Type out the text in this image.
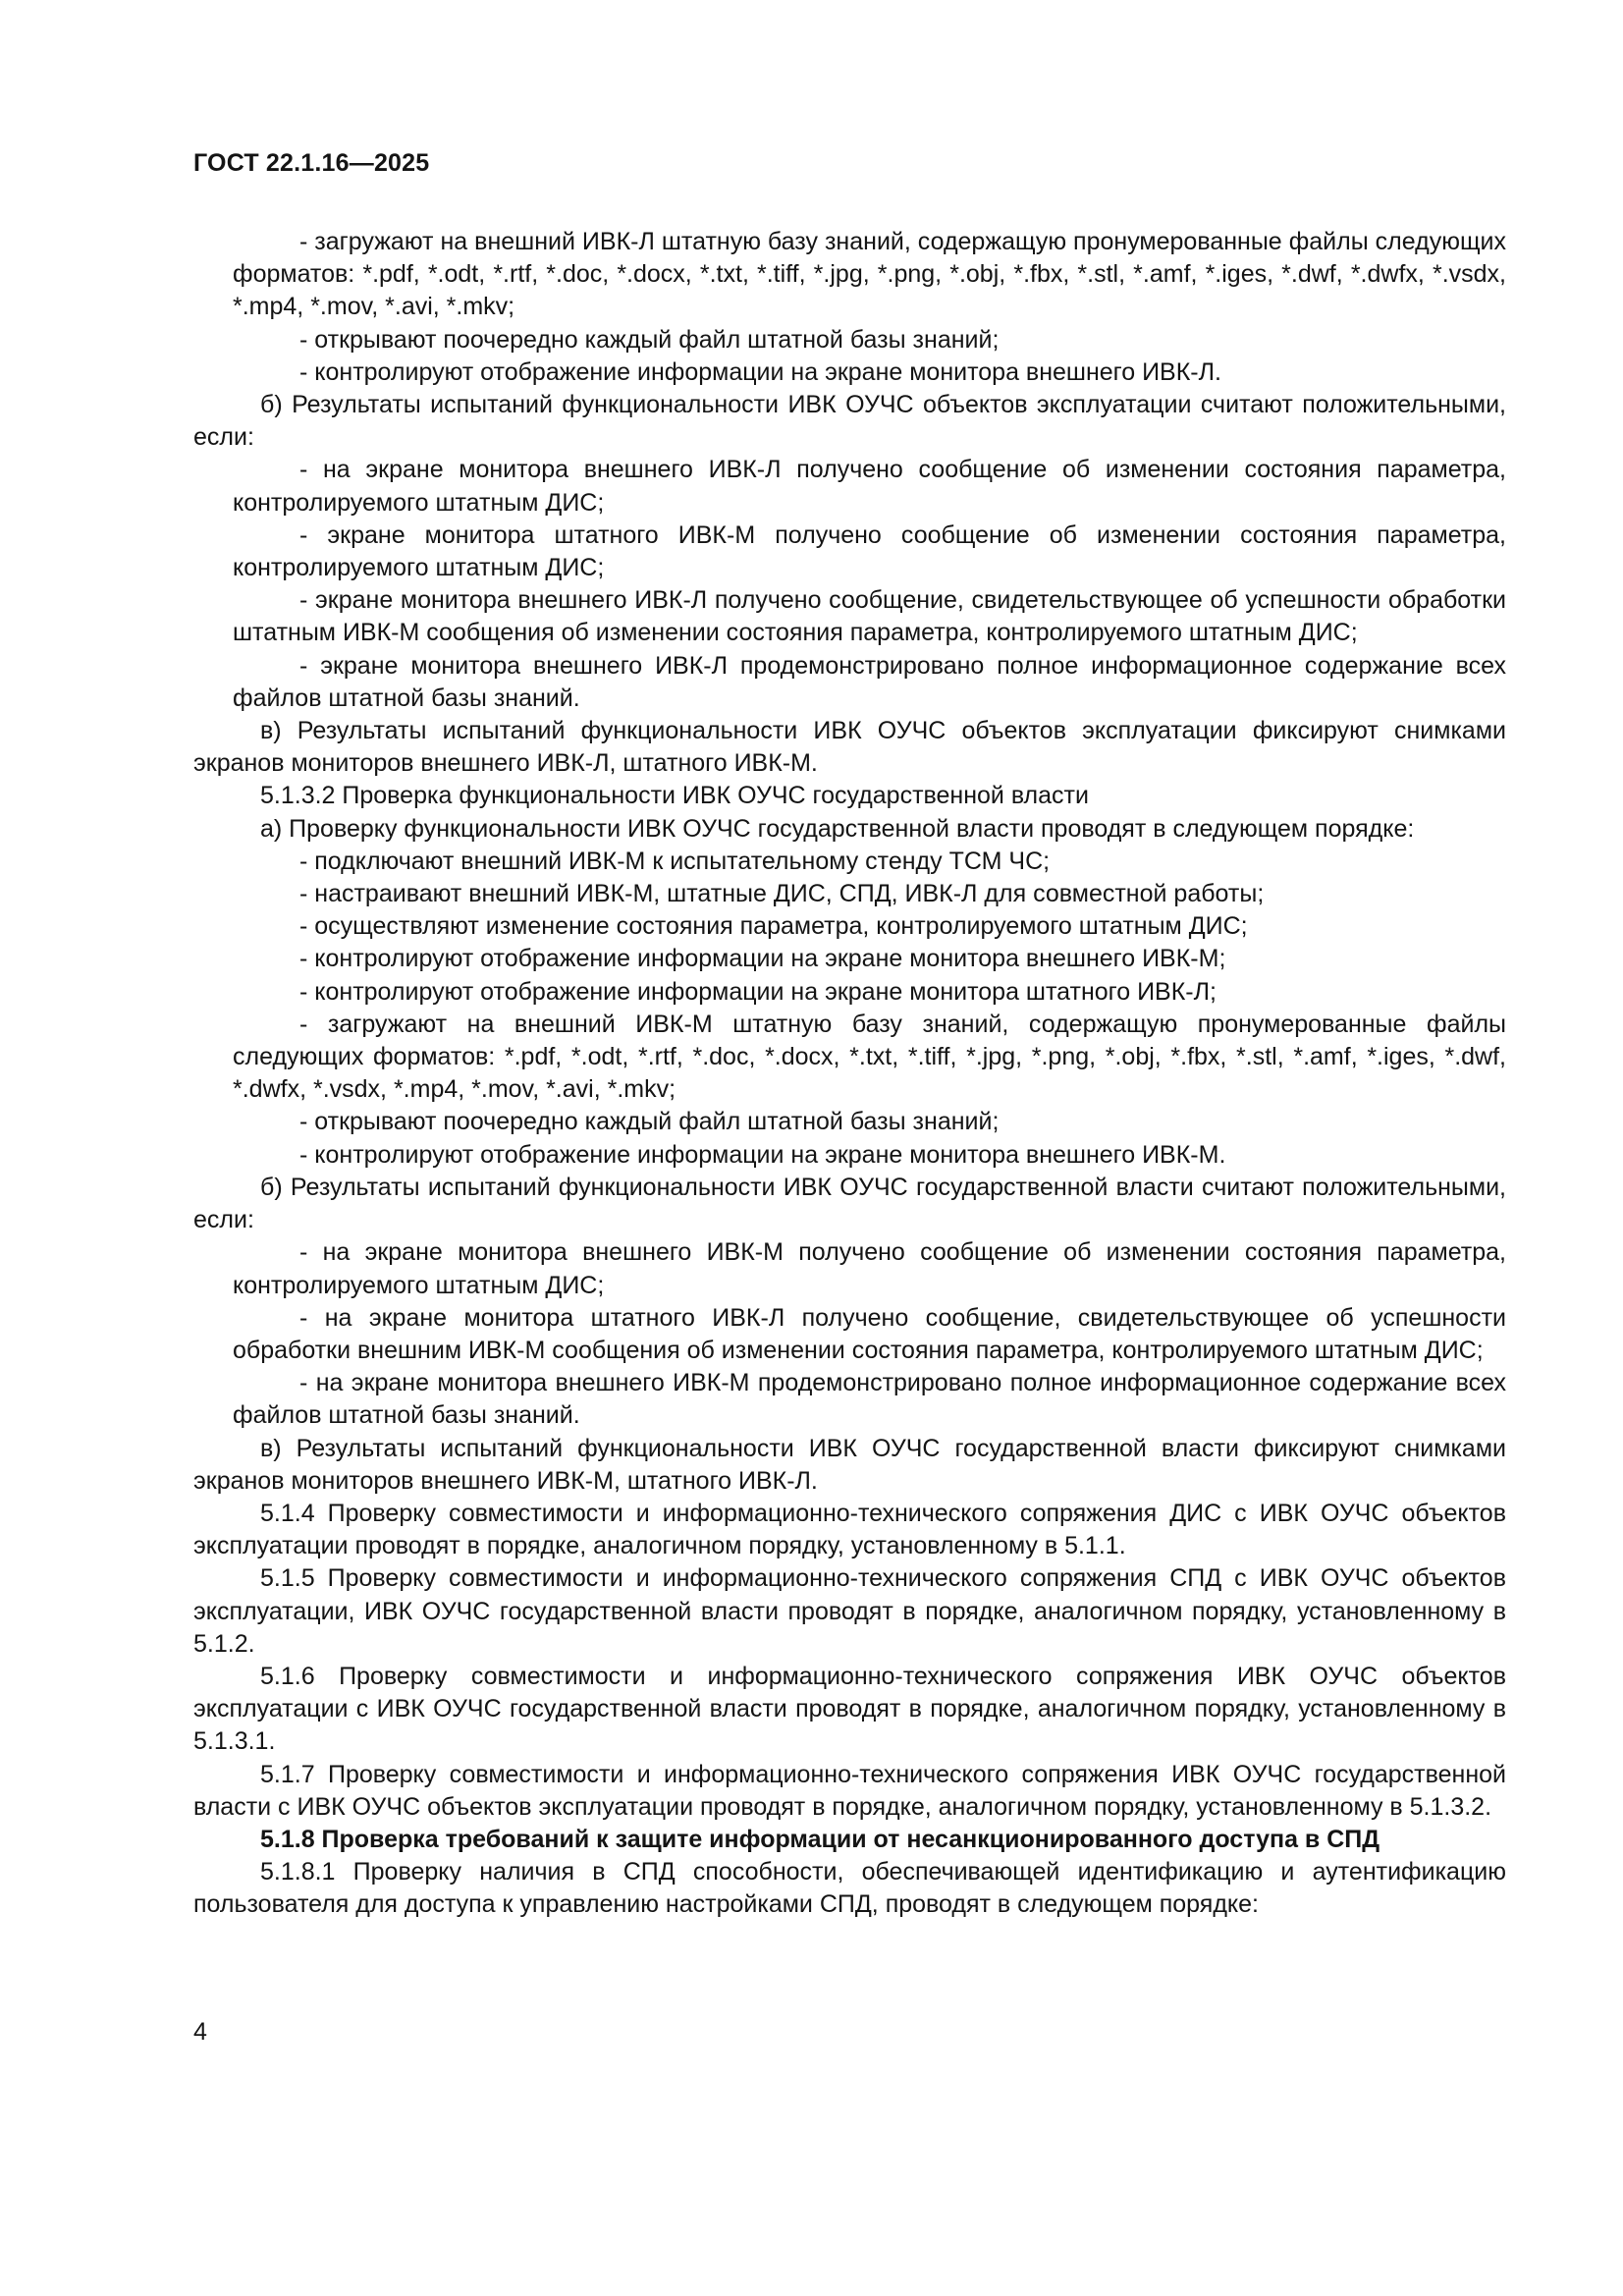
ГОСТ 22.1.16—2025

- загружают на внешний ИВК-Л штатную базу знаний, содержащую пронумерованные файлы следующих форматов: *.pdf, *.odt, *.rtf, *.doc, *.docx, *.txt, *.tiff, *.jpg, *.png, *.obj, *.fbx, *.stl, *.amf, *.iges, *.dwf, *.dwfx, *.vsdx, *.mp4, *.mov, *.avi, *.mkv;

- открывают поочередно каждый файл штатной базы знаний;

- контролируют отображение информации на экране монитора внешнего ИВК-Л.

б) Результаты испытаний функциональности ИВК ОУЧС объектов эксплуатации считают положительными, если:

- на экране монитора внешнего ИВК-Л получено сообщение об изменении состояния параметра, контролируемого штатным ДИС;

- экране монитора штатного ИВК-М получено сообщение об изменении состояния параметра, контролируемого штатным ДИС;

- экране монитора внешнего ИВК-Л получено сообщение, свидетельствующее об успешности обработки штатным ИВК-М сообщения об изменении состояния параметра, контролируемого штатным ДИС;

- экране монитора внешнего ИВК-Л продемонстрировано полное информационное содержание всех файлов штатной базы знаний.

в) Результаты испытаний функциональности ИВК ОУЧС объектов эксплуатации фиксируют снимками экранов мониторов внешнего ИВК-Л, штатного ИВК-М.

5.1.3.2 Проверка функциональности ИВК ОУЧС государственной власти

а) Проверку функциональности ИВК ОУЧС государственной власти проводят в следующем порядке:

- подключают внешний ИВК-М к испытательному стенду ТСМ ЧС;

- настраивают внешний ИВК-М, штатные ДИС, СПД, ИВК-Л для совместной работы;

- осуществляют изменение состояния параметра, контролируемого штатным ДИС;

- контролируют отображение информации на экране монитора внешнего ИВК-М;

- контролируют отображение информации на экране монитора штатного ИВК-Л;

- загружают на внешний ИВК-М штатную базу знаний, содержащую пронумерованные файлы следующих форматов: *.pdf, *.odt, *.rtf, *.doc, *.docx, *.txt, *.tiff, *.jpg, *.png, *.obj, *.fbx, *.stl, *.amf, *.iges, *.dwf, *.dwfx, *.vsdx, *.mp4, *.mov, *.avi, *.mkv;

- открывают поочередно каждый файл штатной базы знаний;

- контролируют отображение информации на экране монитора внешнего ИВК-М.

б) Результаты испытаний функциональности ИВК ОУЧС государственной власти считают положительными, если:

- на экране монитора внешнего ИВК-М получено сообщение об изменении состояния параметра, контролируемого штатным ДИС;

- на экране монитора штатного ИВК-Л получено сообщение, свидетельствующее об успешности обработки внешним ИВК-М сообщения об изменении состояния параметра, контролируемого штатным ДИС;

- на экране монитора внешнего ИВК-М продемонстрировано полное информационное содержание всех файлов штатной базы знаний.

в) Результаты испытаний функциональности ИВК ОУЧС государственной власти фиксируют снимками экранов мониторов внешнего ИВК-М, штатного ИВК-Л.

5.1.4 Проверку совместимости и информационно-технического сопряжения ДИС с ИВК ОУЧС объектов эксплуатации проводят в порядке, аналогичном порядку, установленному в 5.1.1.

5.1.5 Проверку совместимости и информационно-технического сопряжения СПД с ИВК ОУЧС объектов эксплуатации, ИВК ОУЧС государственной власти проводят в порядке, аналогичном порядку, установленному в 5.1.2.

5.1.6 Проверку совместимости и информационно-технического сопряжения ИВК ОУЧС объектов эксплуатации с ИВК ОУЧС государственной власти проводят в порядке, аналогичном порядку, установленному в 5.1.3.1.

5.1.7 Проверку совместимости и информационно-технического сопряжения ИВК ОУЧС государственной власти с ИВК ОУЧС объектов эксплуатации проводят в порядке, аналогичном порядку, установленному в 5.1.3.2.

5.1.8 Проверка требований к защите информации от несанкционированного доступа в СПД

5.1.8.1 Проверку наличия в СПД способности, обеспечивающей идентификацию и аутентификацию пользователя для доступа к управлению настройками СПД, проводят в следующем порядке:

4
